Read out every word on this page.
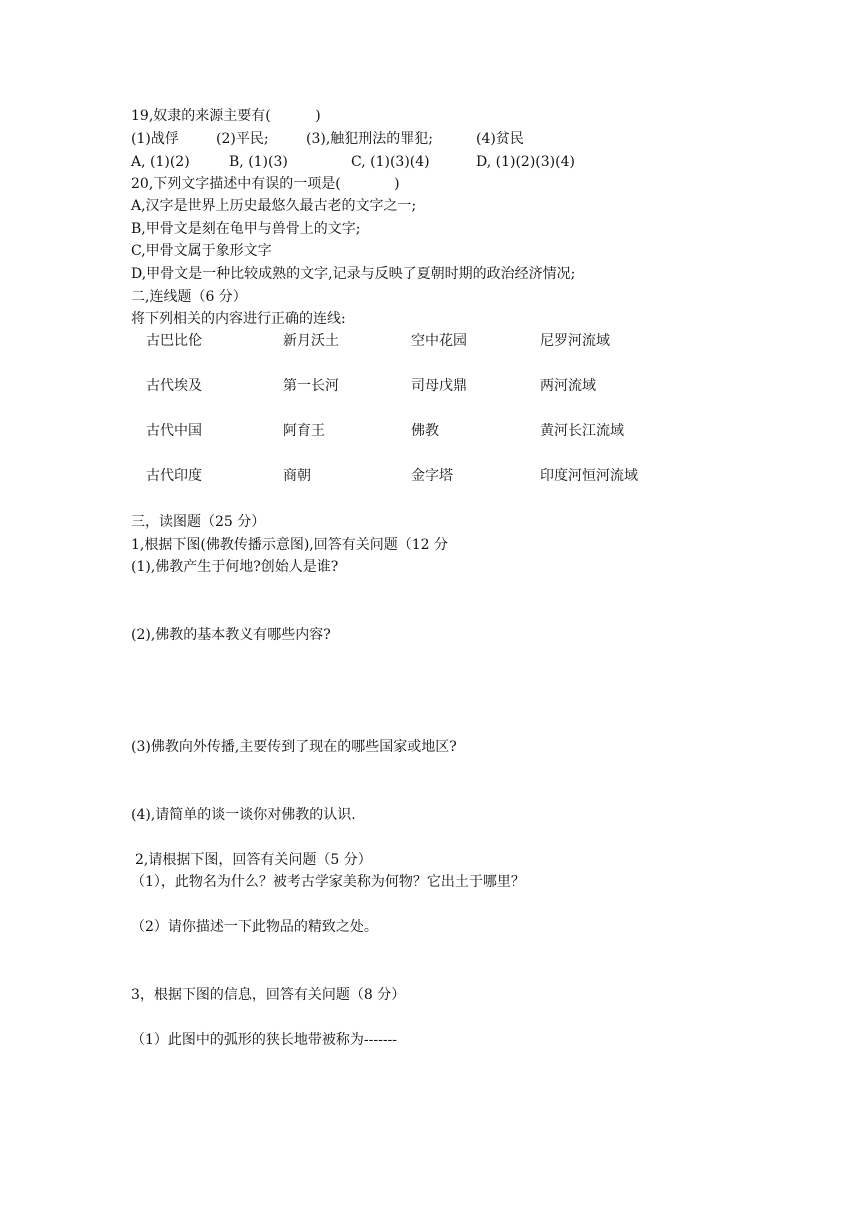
19,奴隶的来源主要有(          )
(1)战俘	(2)平民;	(3),触犯刑法的罪犯;	(4)贫民
A, (1)(2)	B, (1)(3)	C, (1)(3)(4)	D, (1)(2)(3)(4)
20,下列文字描述中有误的一项是(            )
A,汉字是世界上历史最悠久最古老的文字之一;
B,甲骨文是刻在龟甲与兽骨上的文字;
C,甲骨文属于象形文字
D,甲骨文是一种比较成熟的文字,记录与反映了夏朝时期的政治经济情况;
二,连线题（6 分）
将下列相关的内容进行正确的连线:
古巴比伦	新月沃土	空中花园	尼罗河流域
古代埃及	第一长河	司母戊鼎	两河流域
古代中国	阿育王	佛教	黄河长江流域
古代印度	商朝	金字塔	印度河恒河流域
三，读图题（25 分）
1,根据下图(佛教传播示意图),回答有关问题（12 分
(1),佛教产生于何地?创始人是谁?
(2),佛教的基本教义有哪些内容?
(3)佛教向外传播,主要传到了现在的哪些国家或地区?
(4),请简单的谈一谈你对佛教的认识.
2,请根据下图，回答有关问题（5 分）
（1），此物名为什么？被考古学家美称为何物？它出土于哪里？
（2）请你描述一下此物品的精致之处。
3，根据下图的信息，回答有关问题（8 分）
（1）此图中的弧形的狭长地带被称为-------
